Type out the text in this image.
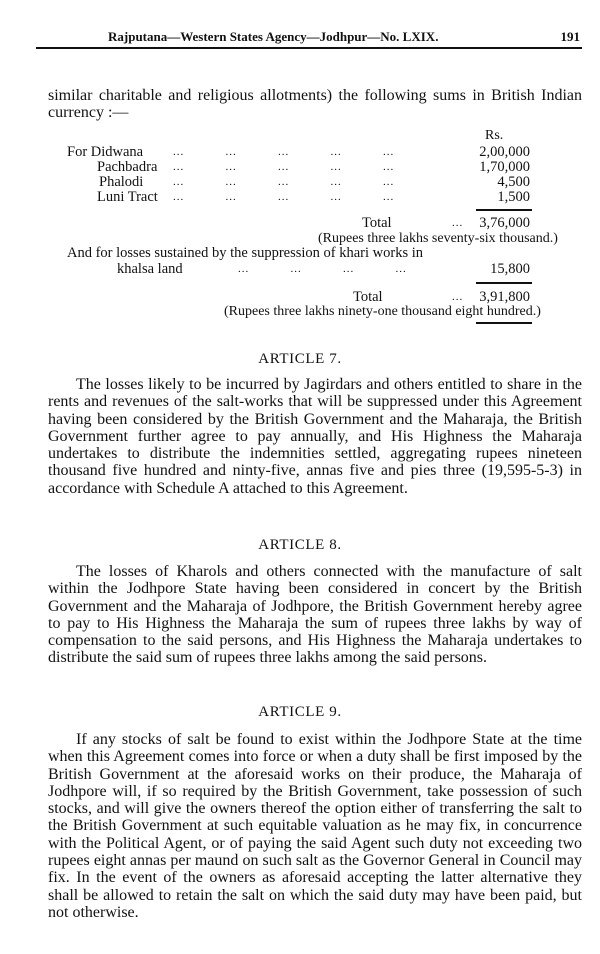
Rajputana—Western States Agency—Jodhpur—No. LXIX.	191
similar charitable and religious allotments) the following sums in British Indian currency :—
Rs.
For Didwana	...           ...           ...           ...           ...	2,00,000
Pachbadra ...           ...           ...           ...           ...	1,70,000
Phalodi	...           ...           ...           ...           ...	4,500
Luni Tract ...           ...           ...           ...           ...	1,500
Total	...	3,76,000
(Rupees three lakhs seventy-six thousand.)
And for losses sustained by the suppression of khari works in
khalsa land	...           ...           ...           ...	15,800
Total	...	3,91,800
(Rupees three lakhs ninety-one thousand eight hundred.)
ARTICLE 7.
The losses likely to be incurred by Jagirdars and others entitled to share in the rents and revenues of the salt-works that will be suppressed under this Agreement having been considered by the British Government and the Maharaja, the British Government further agree to pay annually, and His Highness the Maharaja undertakes to distribute the indemnities settled, aggregating rupees nineteen thousand five hundred and ninty-five, annas five and pies three (19,595-5-3) in accordance with Schedule A attached to this Agreement.
ARTICLE 8.
The losses of Kharols and others connected with the manufacture of salt within the Jodhpore State having been considered in concert by the British Government and the Maharaja of Jodhpore, the British Government hereby agree to pay to His Highness the Maharaja the sum of rupees three lakhs by way of compensation to the said persons, and His Highness the Maharaja undertakes to distribute the said sum of rupees three lakhs among the said persons.
ARTICLE 9.
If any stocks of salt be found to exist within the Jodhpore State at the time when this Agreement comes into force or when a duty shall be first imposed by the British Government at the aforesaid works on their produce, the Maharaja of Jodhpore will, if so required by the British Government, take possession of such stocks, and will give the owners thereof the option either of transferring the salt to the British Government at such equitable valuation as he may fix, in concurrence with the Political Agent, or of paying the said Agent such duty not exceeding two rupees eight annas per maund on such salt as the Governor General in Council may fix. In the event of the owners as aforesaid accepting the latter alternative they shall be allowed to retain the salt on which the said duty may have been paid, but not otherwise.
